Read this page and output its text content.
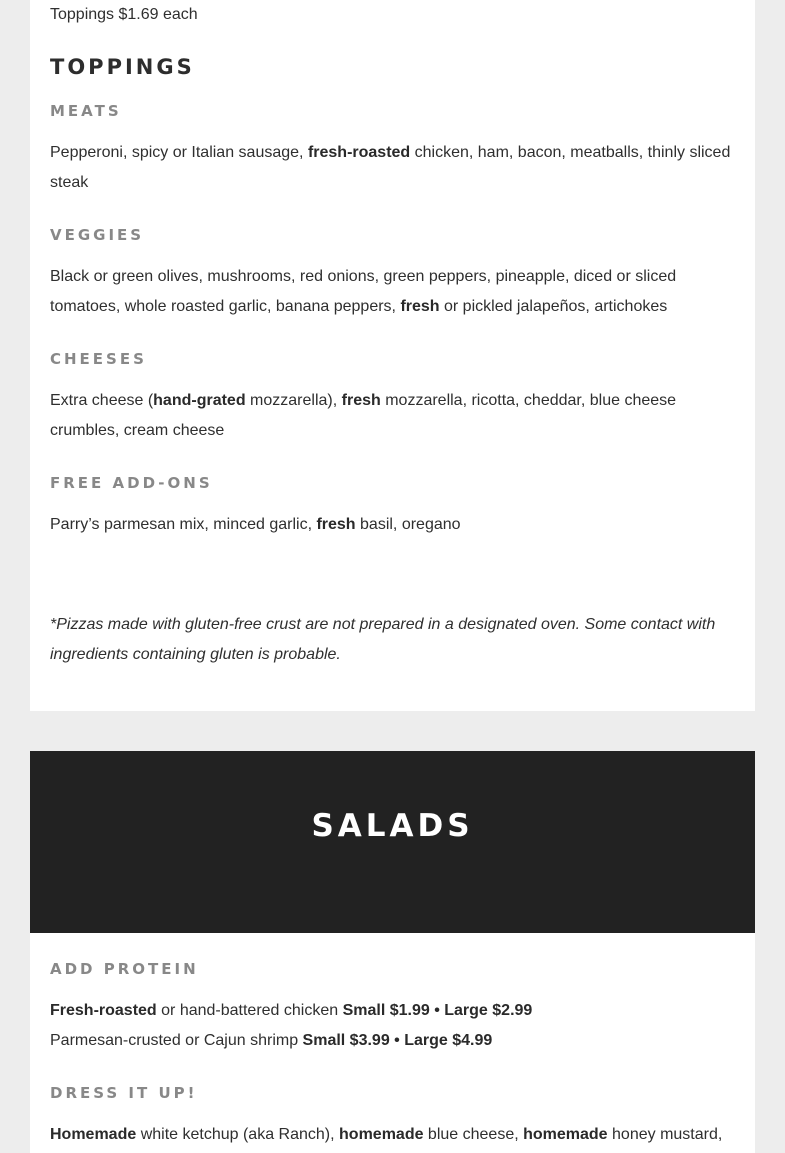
Toppings $1.69 each
TOPPINGS
MEATS
Pepperoni, spicy or Italian sausage, fresh-roasted chicken, ham, bacon, meatballs, thinly sliced steak
VEGGIES
Black or green olives, mushrooms, red onions, green peppers, pineapple, diced or sliced tomatoes, whole roasted garlic, banana peppers, fresh or pickled jalapeños, artichokes
CHEESES
Extra cheese (hand-grated mozzarella), fresh mozzarella, ricotta, cheddar, blue cheese crumbles, cream cheese
FREE ADD-ONS
Parry’s parmesan mix, minced garlic, fresh basil, oregano
*Pizzas made with gluten-free crust are not prepared in a designated oven. Some contact with ingredients containing gluten is probable.
SALADS
ADD PROTEIN
Fresh-roasted or hand-battered chicken Small $1.99 • Large $2.99
Parmesan-crusted or Cajun shrimp Small $3.99 • Large $4.99
DRESS IT UP!
Homemade white ketchup (aka Ranch), homemade blue cheese, homemade honey mustard,
